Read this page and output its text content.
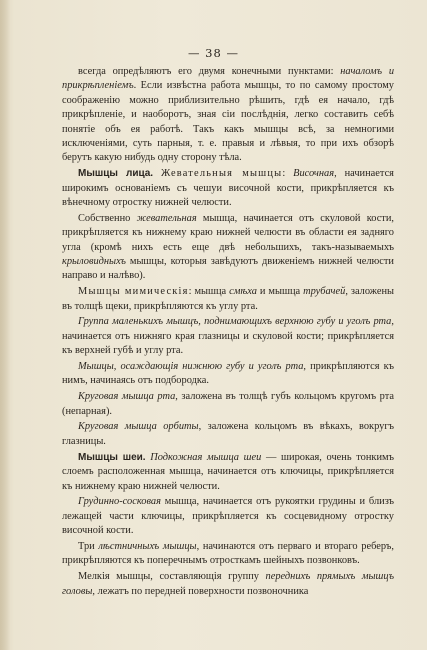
— 38 —

всегда опредѣляютъ его двумя конечными пунктами: началомъ и прикрѣпленіемъ. Если извѣстна работа мышцы, то по самому простому соображенію можно приблизительно рѣшить, гдѣ ея начало, гдѣ прикрѣпленіе, и наоборотъ, зная сіи послѣднія, легко составить себѣ понятіе объ ея работѣ. Такъ какъ мышцы всѣ, за немногими исключеніями, суть парныя, т. е. правыя и лѣвыя, то при ихъ обзорѣ берутъ какую нибудь одну сторону тѣла.

Мышцы лица. Жевательныя мышцы: Височная, начинается широкимъ основаніемъ съ чешуи височной кости, прикрѣпляется къ вѣнечному отростку нижней челюсти.

Собственно жевательная мышца, начинается отъ скуловой кости, прикрѣпляется къ нижнему краю нижней челюсти въ области ея задняго угла (кромѣ нихъ есть еще двѣ небольшихъ, такъ-называемыхъ крыловидныхъ мышцы, которыя завѣдуютъ движеніемъ нижней челюсти направо и налѣво).

Мышцы мимическія: мышца смѣха и мышца трубачей, заложены въ толщѣ щеки, прикрѣпляются къ углу рта.

Группа маленькихъ мышцъ, поднимающихъ верхнюю губу и уголъ рта, начинается отъ нижняго края глазницы и скуловой кости; прикрѣпляется къ верхней губѣ и углу рта.

Мышцы, осаждающія нижнюю губу и уголъ рта, прикрѣпляются къ нимъ, начинаясь отъ подбородка.

Круговая мышца рта, заложена въ толщѣ губъ кольцомъ кругомъ рта (непарная).

Круговая мышца орбиты, заложена кольцомъ въ вѣкахъ, вокругъ глазницы.

Мышцы шеи. Подкожная мышца шеи — широкая, очень тонкимъ слоемъ расположенная мышца, начинается отъ ключицы, прикрѣпляется къ нижнему краю нижней челюсти.

Грудинно-сосковая мышца, начинается отъ рукоятки грудины и близъ лежащей части ключицы, прикрѣпляется къ сосцевидному отростку височной кости.

Три лѣстничныхъ мышцы, начинаются отъ перваго и втораго реберъ, прикрѣпляются къ поперечнымъ отросткамъ шейныхъ позвонковъ.

Мелкія мышцы, составляющія группу переднихъ прямыхъ мышцъ головы, лежатъ по передней поверхности позвоночника
